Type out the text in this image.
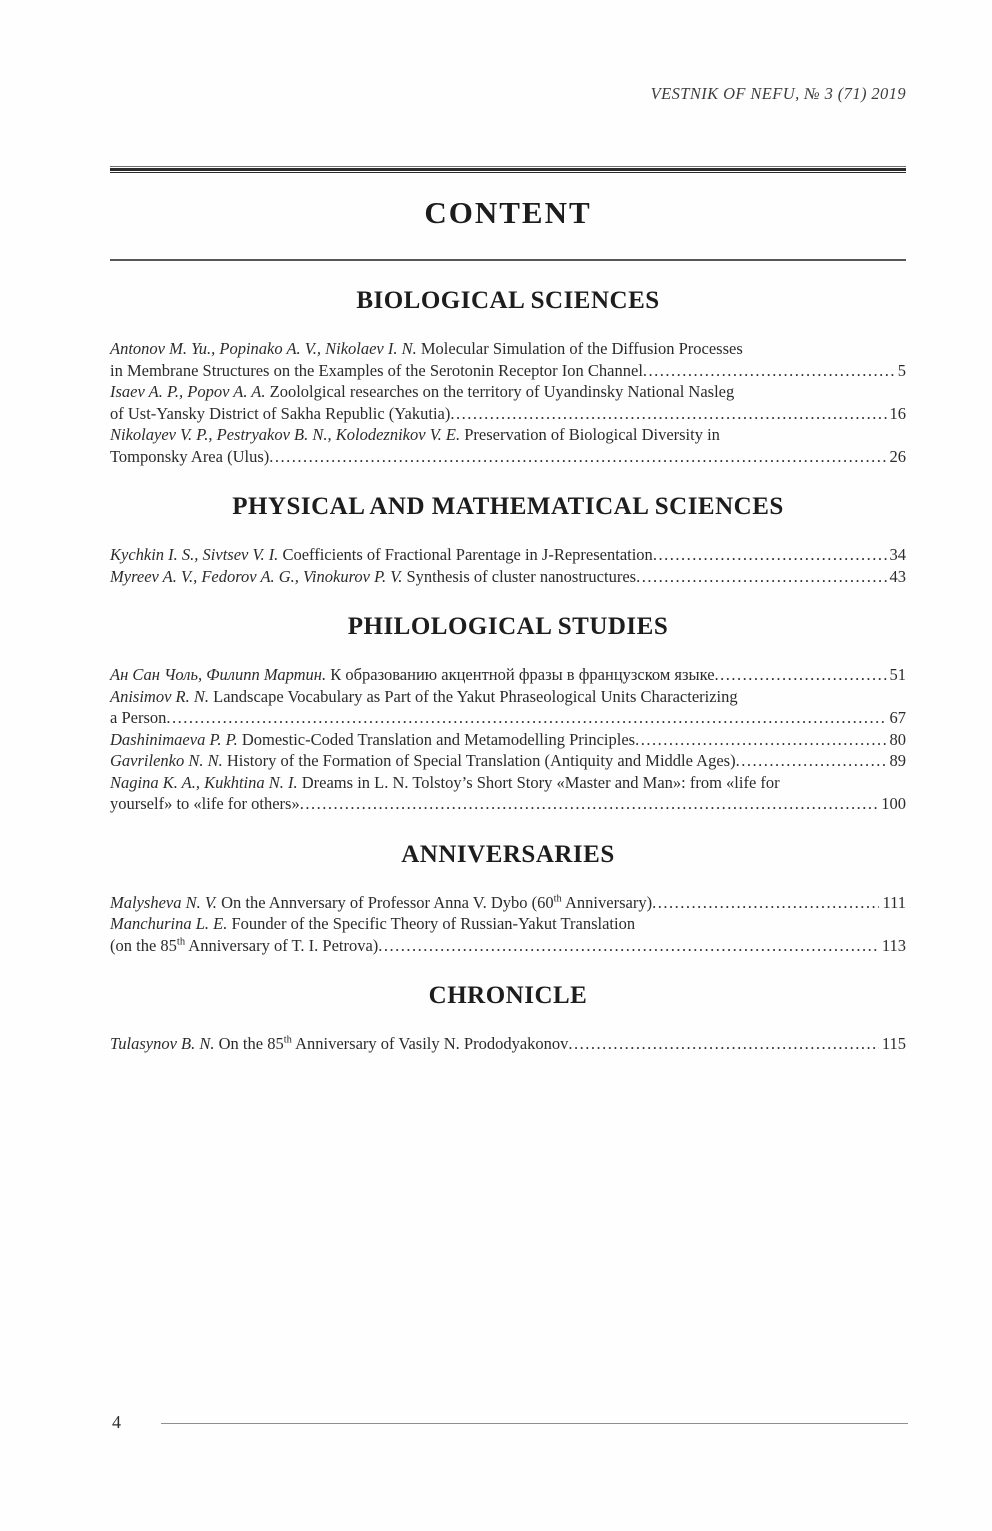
VESTNIK OF NEFU, № 3 (71) 2019
CONTENT
BIOLOGICAL SCIENCES
Antonov M. Yu., Popinako A. V., Nikolaev I. N. Molecular Simulation of the Diffusion Processes
in Membrane Structures on the Examples of the Serotonin Receptor Ion Channel .....	5
Isaev A. P., Popov A. A. Zoololgical researches on the territory of Uyandinsky National Nasleg
of Ust-Yansky District of Sakha Republic (Yakutia) .....	16
Nikolayev V. P., Pestryakov B. N., Kolodeznikov V. E. Preservation of Biological Diversity in
Tomponsky Area (Ulus) .....	26
PHYSICAL AND MATHEMATICAL SCIENCES
Kychkin I. S., Sivtsev V. I. Coefficients of Fractional Parentage in J-Representation .....	34
Myreev A. V., Fedorov A. G., Vinokurov P. V. Synthesis of cluster nanostructures .....	43
PHILOLOGICAL STUDIES
Ан Сан Чоль, Филипп Мартин. К образованию акцентной фразы в французском языке .....	51
Anisimov R. N. Landscape Vocabulary as Part of the Yakut Phraseological Units Characterizing
a Person .....	67
Dashinimaeva P. P. Domestic-Coded Translation and Metamodelling Principles .....	80
Gavrilenko N. N. History of the Formation of Special Translation (Antiquity and Middle Ages) .....	89
Nagina K. A., Kukhtina N. I. Dreams in L. N. Tolstoy’s Short Story «Master and Man»: from «life for
yourself» to «life for others» .....	100
ANNIVERSARIES
Malysheva N. V. On the Annversary of Professor Anna V. Dybo (60th Anniversary) .....	111
Manchurina L. E. Founder of the Specific Theory of Russian-Yakut Translation
(on the 85th Anniversary of T. I. Petrova) .....	113
CHRONICLE
Tulasynov B. N. On the 85th Anniversary of Vasily N. Prododyakonov .....	115
4
